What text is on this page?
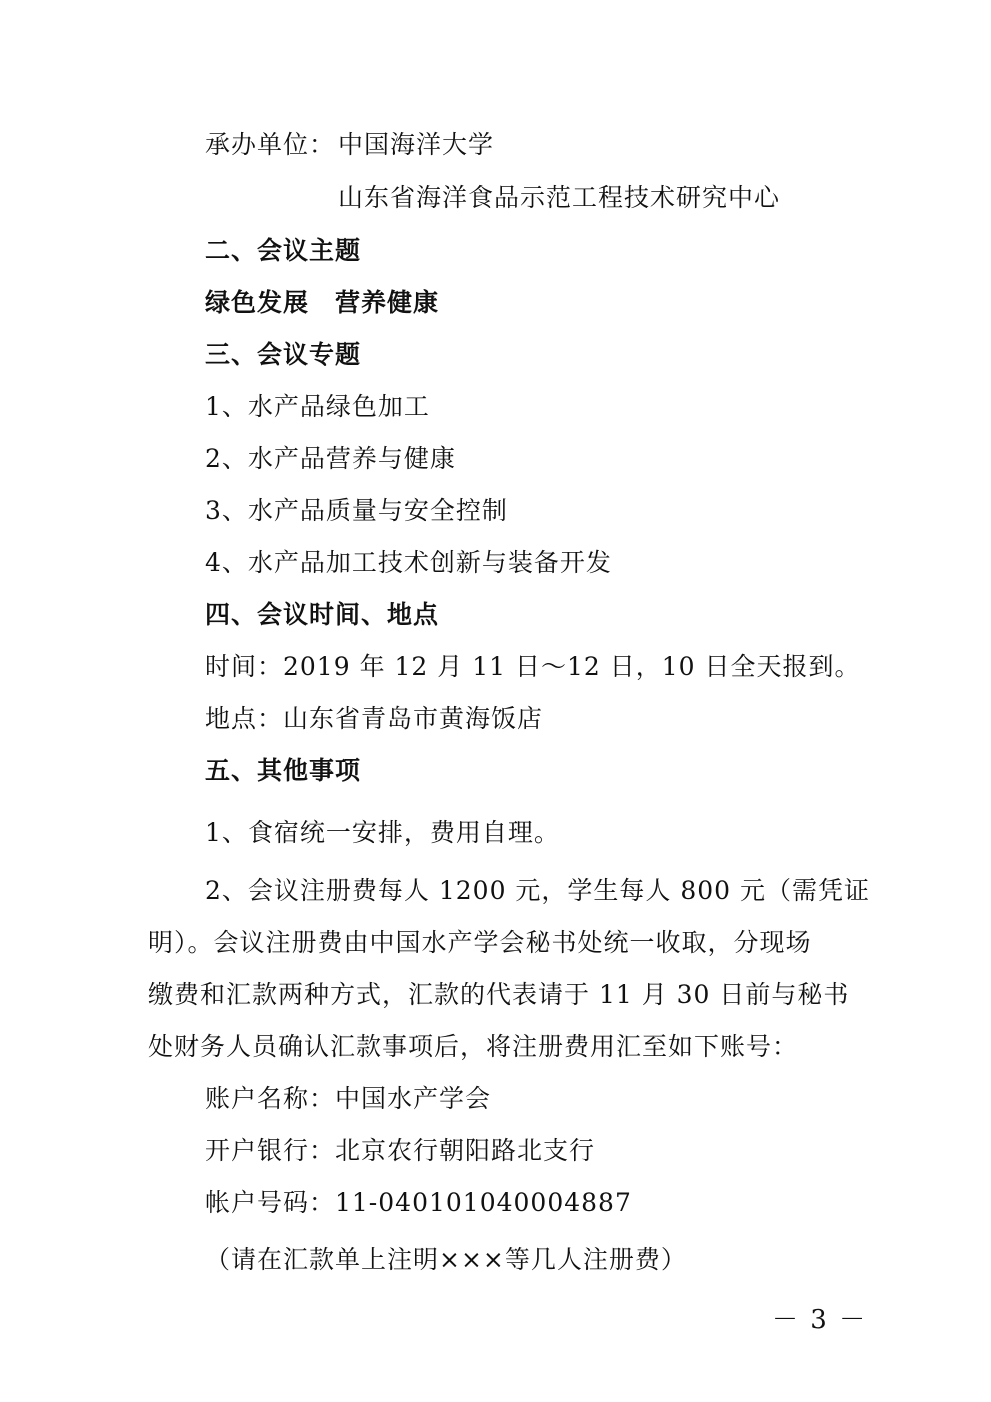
承办单位： 中国海洋大学
山东省海洋食品示范工程技术研究中心
二、会议主题
绿色发展　营养健康
三、会议专题
1、水产品绿色加工
2、水产品营养与健康
3、水产品质量与安全控制
4、水产品加工技术创新与装备开发
四、会议时间、地点
时间：2019 年 12 月 11 日～12 日，10 日全天报到。
地点：山东省青岛市黄海饭店
五、其他事项
1、食宿统一安排，费用自理。
2、会议注册费每人 1200 元，学生每人 800 元（需凭证
明）。会议注册费由中国水产学会秘书处统一收取，分现场
缴费和汇款两种方式，汇款的代表请于 11 月 30 日前与秘书
处财务人员确认汇款事项后，将注册费用汇至如下账号：
账户名称：中国水产学会
开户银行：北京农行朝阳路北支行
帐户号码：11-040101040004887
（请在汇款单上注明×××等几人注册费）
－ 3 －
